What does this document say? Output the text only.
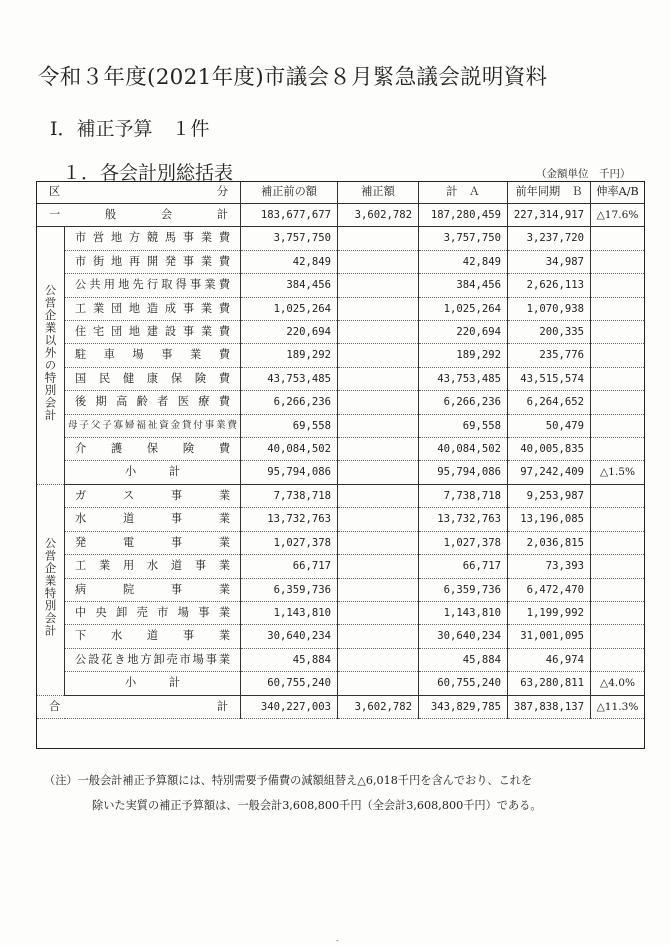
令和３年度(2021年度)市議会８月緊急議会説明資料
Ⅰ．補正予算　１件
１．各会計別総括表	（金額単位　千円）
区　　　分		補正前の額	補正額	計　Ａ	前年同期　Ｂ	伸率A/B
一般会計		183,677,677	3,602,782	187,280,459	227,314,917	△17.6%
公営企業以外の特別会計	市営地方競馬事業費	3,757,750		3,757,750	3,237,720	
	市街地再開発事業費	42,849		42,849	34,987	
	公共用地先行取得事業費	384,456		384,456	2,626,113	
	工業団地造成事業費	1,025,264		1,025,264	1,070,938	
	住宅団地建設事業費	220,694		220,694	200,335	
	駐車場事業費	189,292		189,292	235,776	
	国民健康保険費	43,753,485		43,753,485	43,515,574	
	後期高齢者医療費	6,266,236		6,266,236	6,264,652	
	母子父子寡婦福祉資金貸付事業費	69,558		69,558	50,479	
	介護保険費	40,084,502		40,084,502	40,005,835	
	小計	95,794,086		95,794,086	97,242,409	△1.5%
公営企業特別会計	ガス事業	7,738,718		7,738,718	9,253,987	
	水道事業	13,732,763		13,732,763	13,196,085	
	発電事業	1,027,378		1,027,378	2,036,815	
	工業用水道事業	66,717		66,717	73,393	
	病院事業	6,359,736		6,359,736	6,472,470	
	中央卸売市場事業	1,143,810		1,143,810	1,199,992	
	下水道事業	30,640,234		30,640,234	31,001,095	
	公設花き地方卸売市場事業	45,884		45,884	46,974	
	小計	60,755,240		60,755,240	63,280,811	△4.0%
合計		340,227,003	3,602,782	343,829,785	387,838,137	△11.3%
（注）一般会計補正予算額には、特別需要予備費の減額組替え△6,018千円を含んでおり、これを
除いた実質の補正予算額は、一般会計3,608,800千円（全会計3,608,800千円）である。
-
